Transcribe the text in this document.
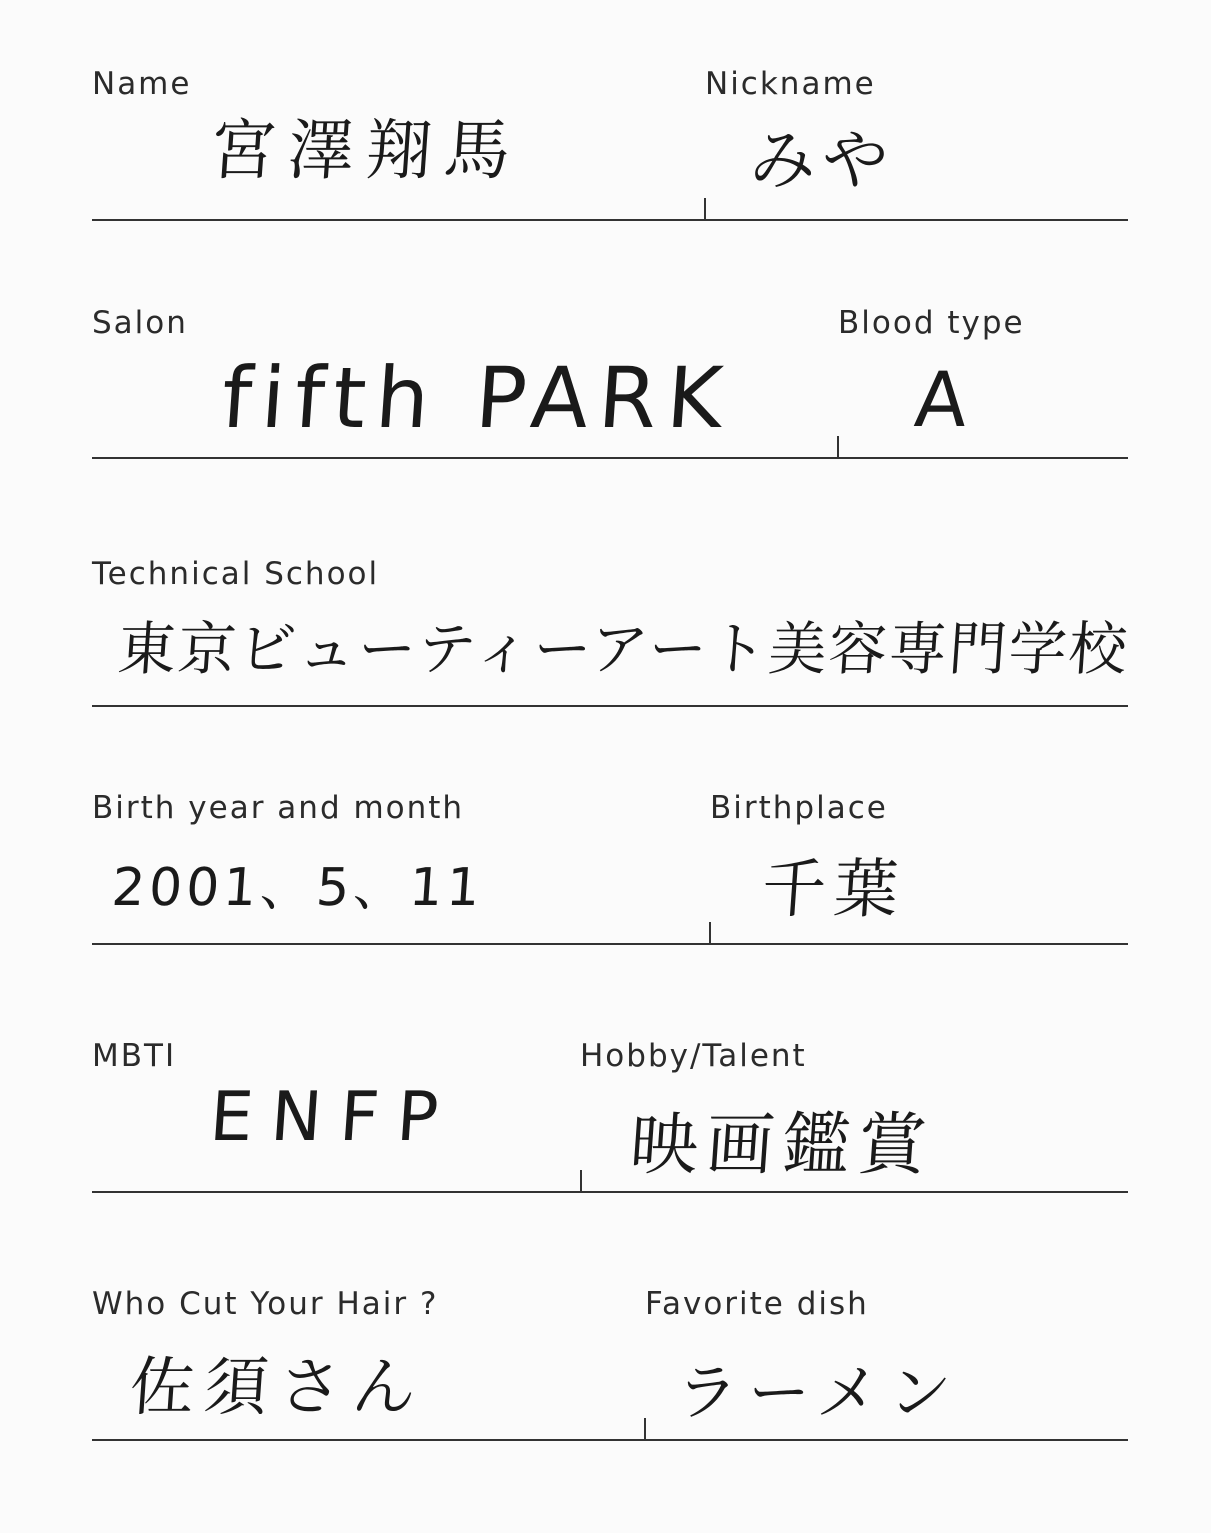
Name
宮澤翔馬
Nickname
みや
Salon
fifth PARK
Blood type
A
Technical School
東京ビューティーアート美容専門学校
Birth year and month
2001、5、11
Birthplace
千葉
MBTI
ENFP
Hobby/Talent
映画鑑賞
Who Cut Your Hair ?
佐須さん
Favorite dish
ラーメン
